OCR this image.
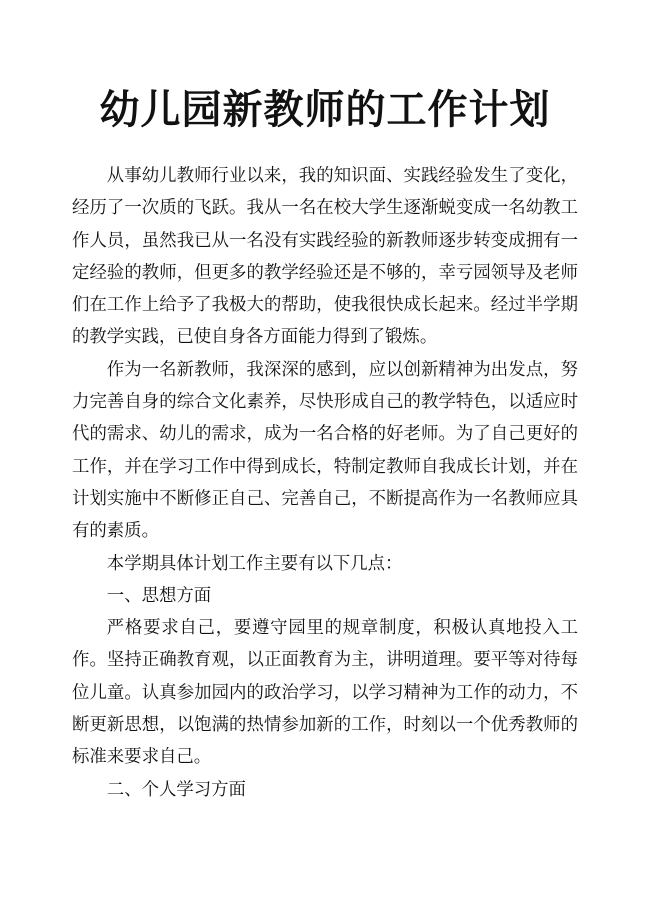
幼儿园新教师的工作计划

从事幼儿教师行业以来，我的知识面、实践经验发生了变化，经历了一次质的飞跃。我从一名在校大学生逐渐蜕变成一名幼教工作人员，虽然我已从一名没有实践经验的新教师逐步转变成拥有一定经验的教师，但更多的教学经验还是不够的，幸亏园领导及老师们在工作上给予了我极大的帮助，使我很快成长起来。经过半学期的教学实践，已使自身各方面能力得到了锻炼。

作为一名新教师，我深深的感到，应以创新精神为出发点，努力完善自身的综合文化素养，尽快形成自己的教学特色，以适应时代的需求、幼儿的需求，成为一名合格的好老师。为了自己更好的工作，并在学习工作中得到成长，特制定教师自我成长计划，并在计划实施中不断修正自己、完善自己，不断提高作为一名教师应具有的素质。

本学期具体计划工作主要有以下几点：

一、思想方面

严格要求自己，要遵守园里的规章制度，积极认真地投入工作。坚持正确教育观，以正面教育为主，讲明道理。要平等对待每位儿童。认真参加园内的政治学习，以学习精神为工作的动力，不断更新思想，以饱满的热情参加新的工作，时刻以一个优秀教师的标准来要求自己。

二、个人学习方面
